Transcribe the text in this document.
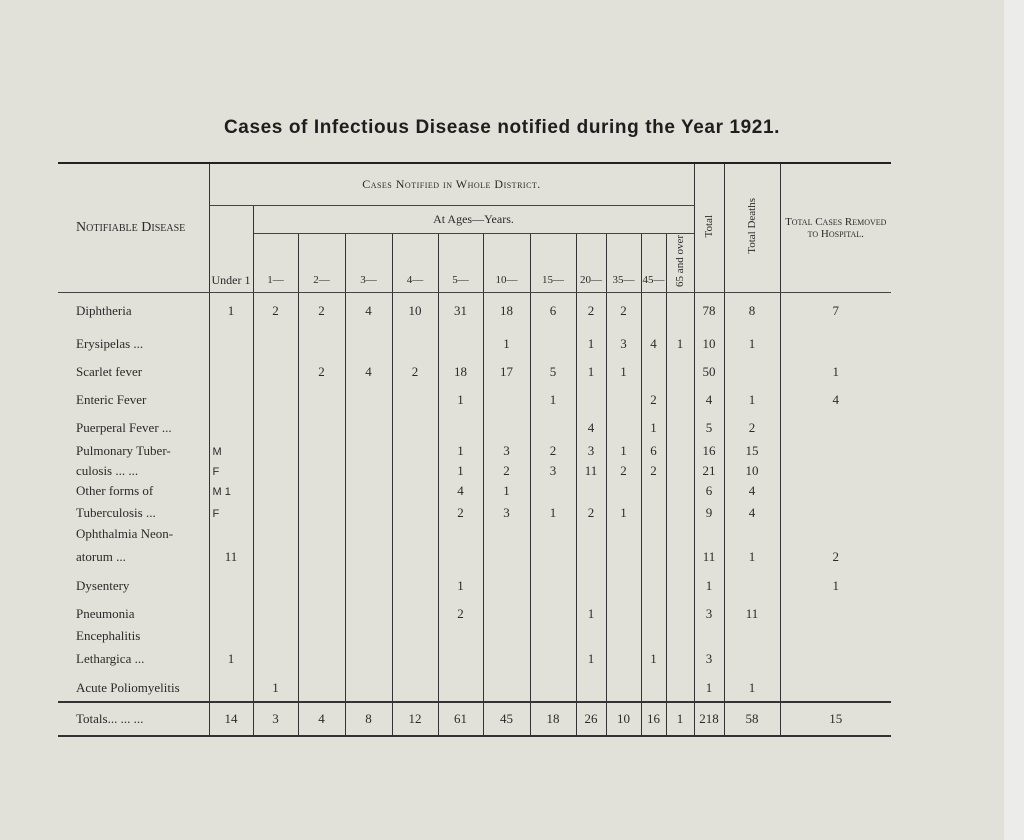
Cases of Infectious Disease notified during the Year 1921.
Notifiable Disease	Cases Notified in Whole District.												Total	Total Deaths	Total Cases Removed to Hospital.
	Under 1	At Ages—Years.													
		1—	2—	3—	4—	5—	10—	15—	20—	35—	45—	65 and over			
Diphtheria	1	2	2	4	10	31	18	6	2	2			78	8	7
Erysipelas ...							1		1	3	4	1	10	1	
Scarlet fever			2	4	2	18	17	5	1	1			50		1
Enteric Fever						1		1			2		4	1	4
Puerperal Fever ...									4		1		5	2	
Pulmonary Tuber-	M					1	3	2	3	1	6		16	15	
culosis ... ...	F					1	2	3	11	2	2		21	10	
Other forms of	M 1					4	1						6	4	
Tuberculosis ...	F					2	3	1	2	1			9	4	
Ophthalmia Neon-															
atorum ...	11												11	1	2
Dysentery						1							1		1
Pneumonia						2			1				3	11	
Encephalitis															
Lethargica ...	1								1		1		3		
Acute Poliomyelitis		1											1	1	
Totals... ... ...	14	3	4	8	12	61	45	18	26	10	16	1	218	58	15
